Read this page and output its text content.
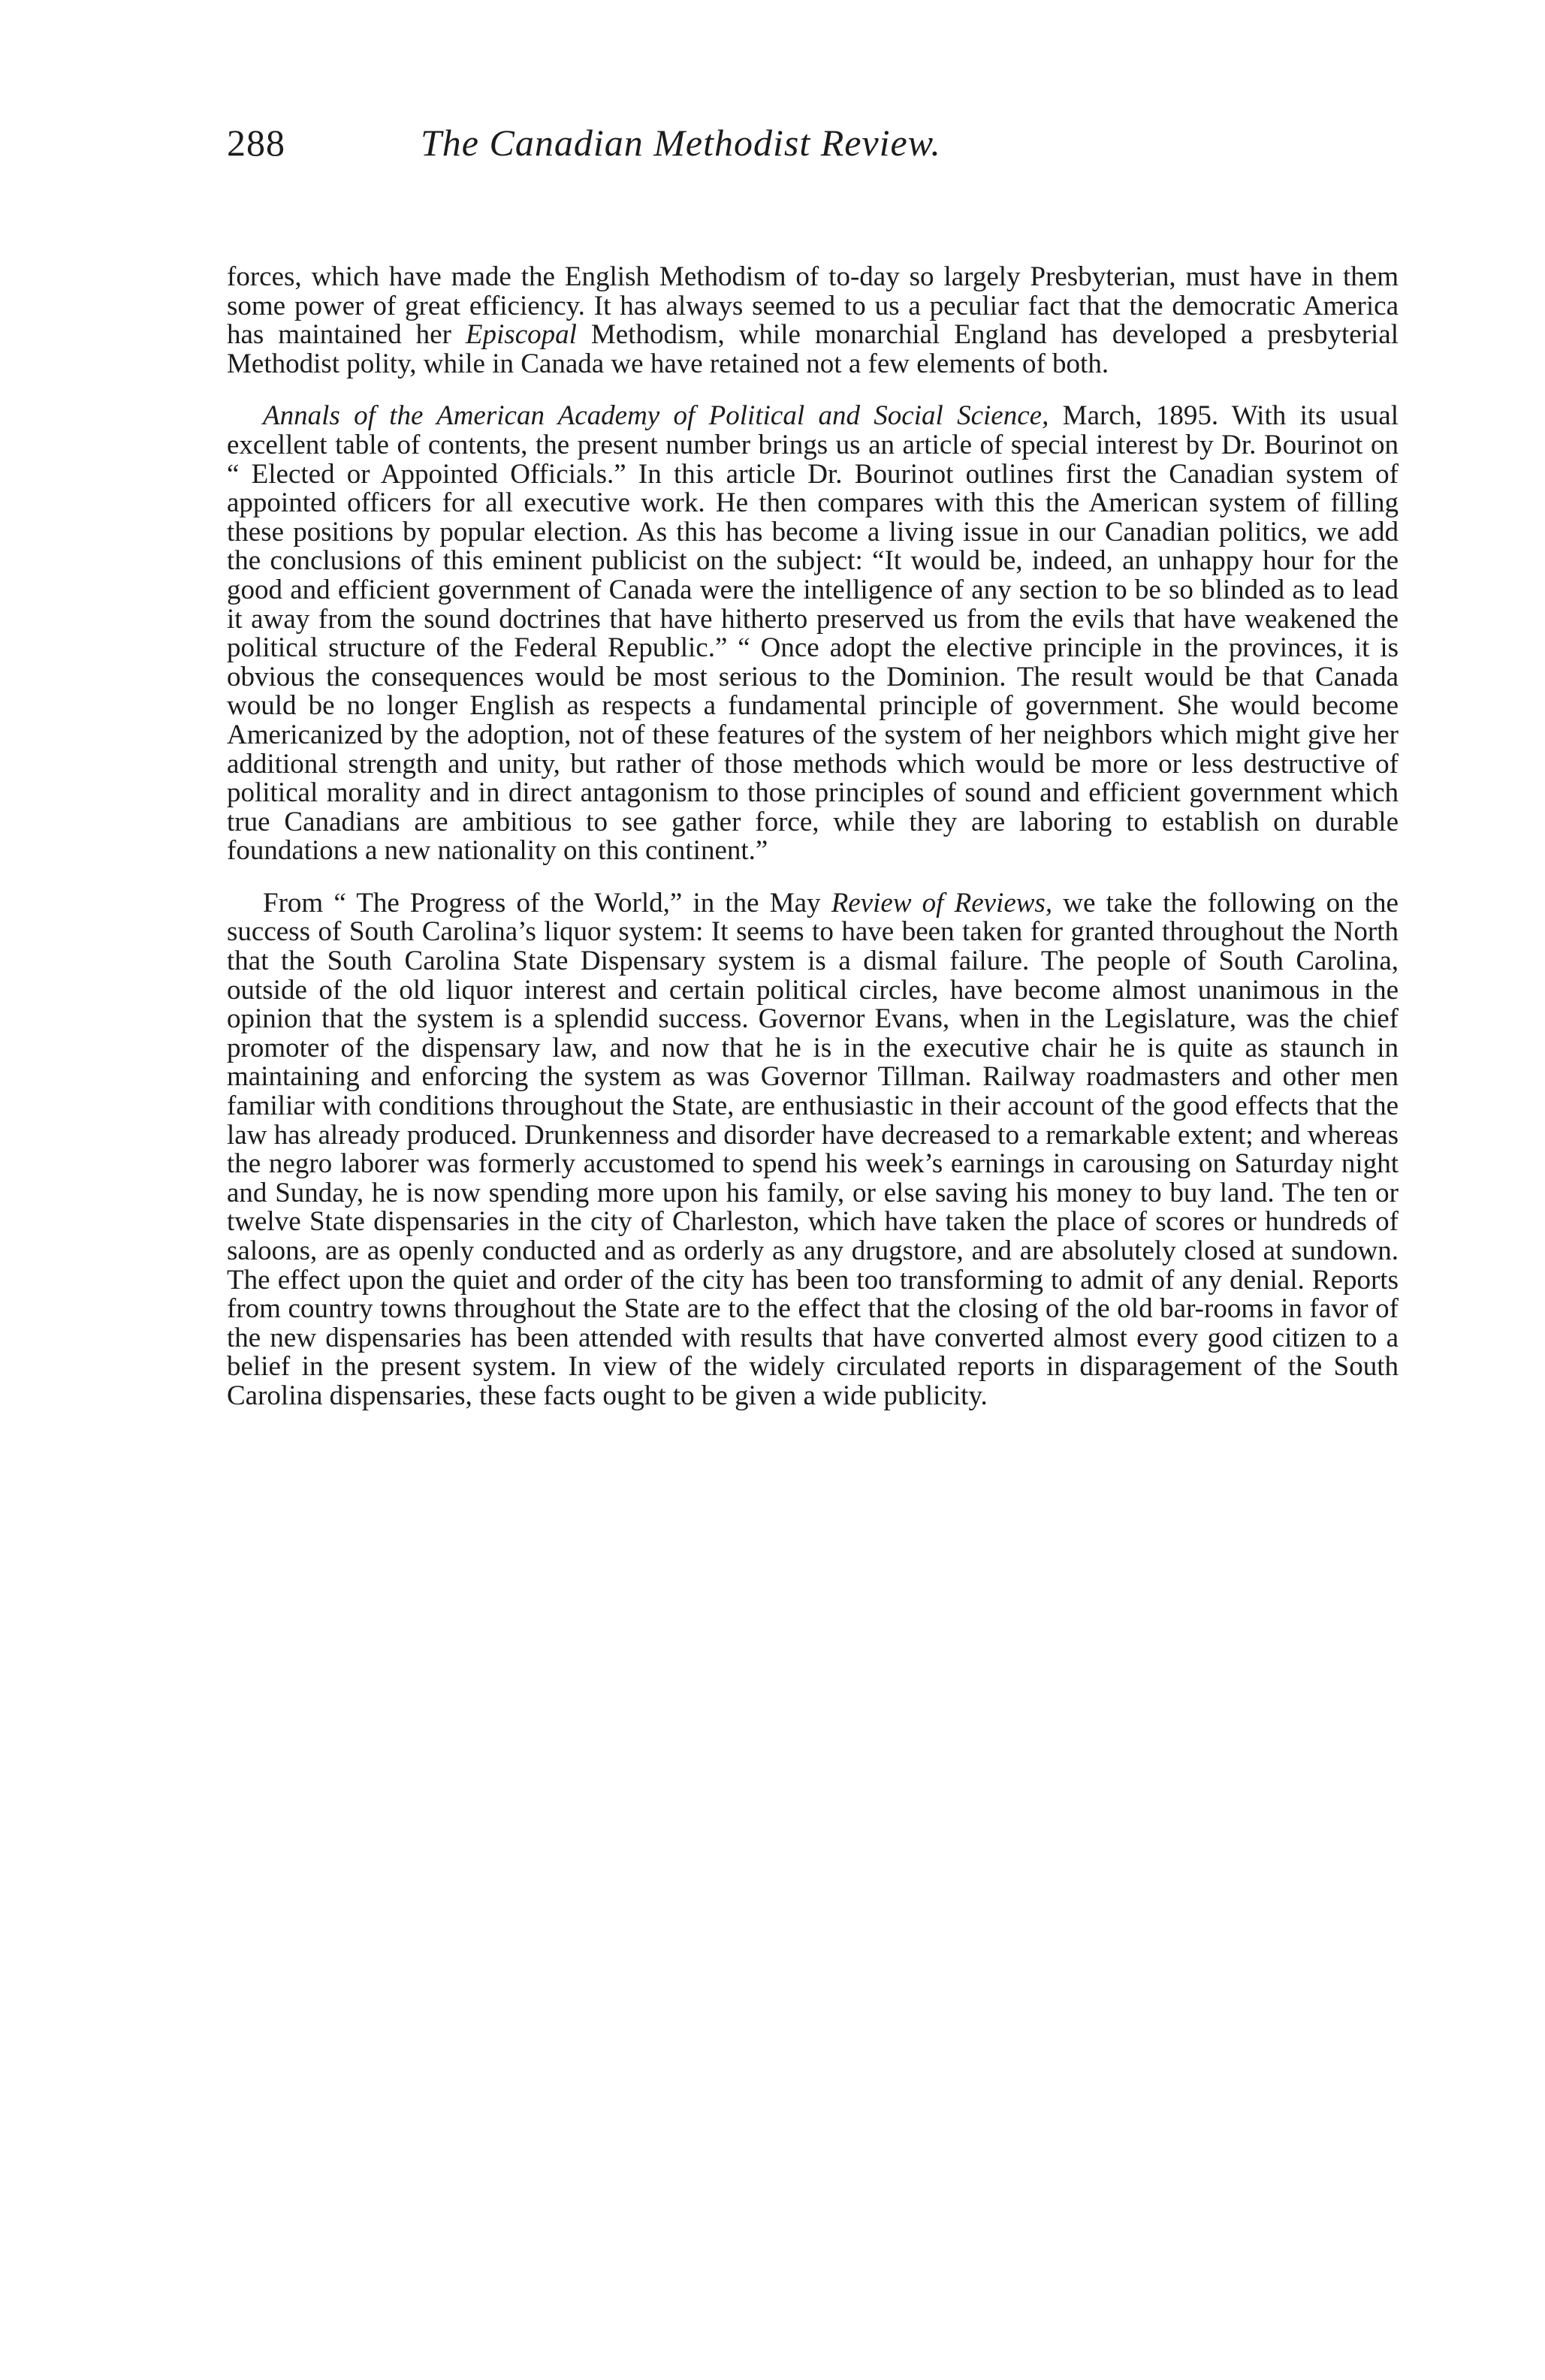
288	The Canadian Methodist Review.

forces, which have made the English Methodism of to-day so largely Presbyterian, must have in them some power of great efficiency. It has always seemed to us a peculiar fact that the democratic America has maintained her Episcopal Methodism, while monarchial England has developed a presbyterial Methodist polity, while in Canada we have retained not a few elements of both.

Annals of the American Academy of Political and Social Science, March, 1895. With its usual excellent table of contents, the present number brings us an article of special interest by Dr. Bourinot on “ Elected or Appointed Officials.” In this article Dr. Bourinot outlines first the Canadian system of appointed officers for all executive work. He then compares with this the American system of filling these positions by popular election. As this has become a living issue in our Canadian politics, we add the conclusions of this eminent publicist on the subject: “It would be, indeed, an unhappy hour for the good and efficient government of Canada were the intelligence of any section to be so blinded as to lead it away from the sound doctrines that have hitherto preserved us from the evils that have weakened the political structure of the Federal Republic.” “ Once adopt the elective principle in the provinces, it is obvious the consequences would be most serious to the Dominion. The result would be that Canada would be no longer English as respects a fundamental principle of government. She would become Americanized by the adoption, not of these features of the system of her neighbors which might give her additional strength and unity, but rather of those methods which would be more or less destructive of political morality and in direct antagonism to those principles of sound and efficient government which true Canadians are ambitious to see gather force, while they are laboring to establish on durable foundations a new nationality on this continent.”

From “ The Progress of the World,” in the May Review of Reviews, we take the following on the success of South Carolina’s liquor system: It seems to have been taken for granted throughout the North that the South Carolina State Dispensary system is a dismal failure. The people of South Carolina, outside of the old liquor interest and certain political circles, have become almost unanimous in the opinion that the system is a splendid success. Governor Evans, when in the Legislature, was the chief promoter of the dispensary law, and now that he is in the executive chair he is quite as staunch in maintaining and enforcing the system as was Governor Tillman. Railway roadmasters and other men familiar with conditions throughout the State, are enthusiastic in their account of the good effects that the law has already produced. Drunkenness and disorder have decreased to a remarkable extent; and whereas the negro laborer was formerly accustomed to spend his week’s earnings in carousing on Saturday night and Sunday, he is now spending more upon his family, or else saving his money to buy land. The ten or twelve State dispensaries in the city of Charleston, which have taken the place of scores or hundreds of saloons, are as openly conducted and as orderly as any drugstore, and are absolutely closed at sundown. The effect upon the quiet and order of the city has been too transforming to admit of any denial. Reports from country towns throughout the State are to the effect that the closing of the old bar-rooms in favor of the new dispensaries has been attended with results that have converted almost every good citizen to a belief in the present system. In view of the widely circulated reports in disparagement of the South Carolina dispensaries, these facts ought to be given a wide publicity.
